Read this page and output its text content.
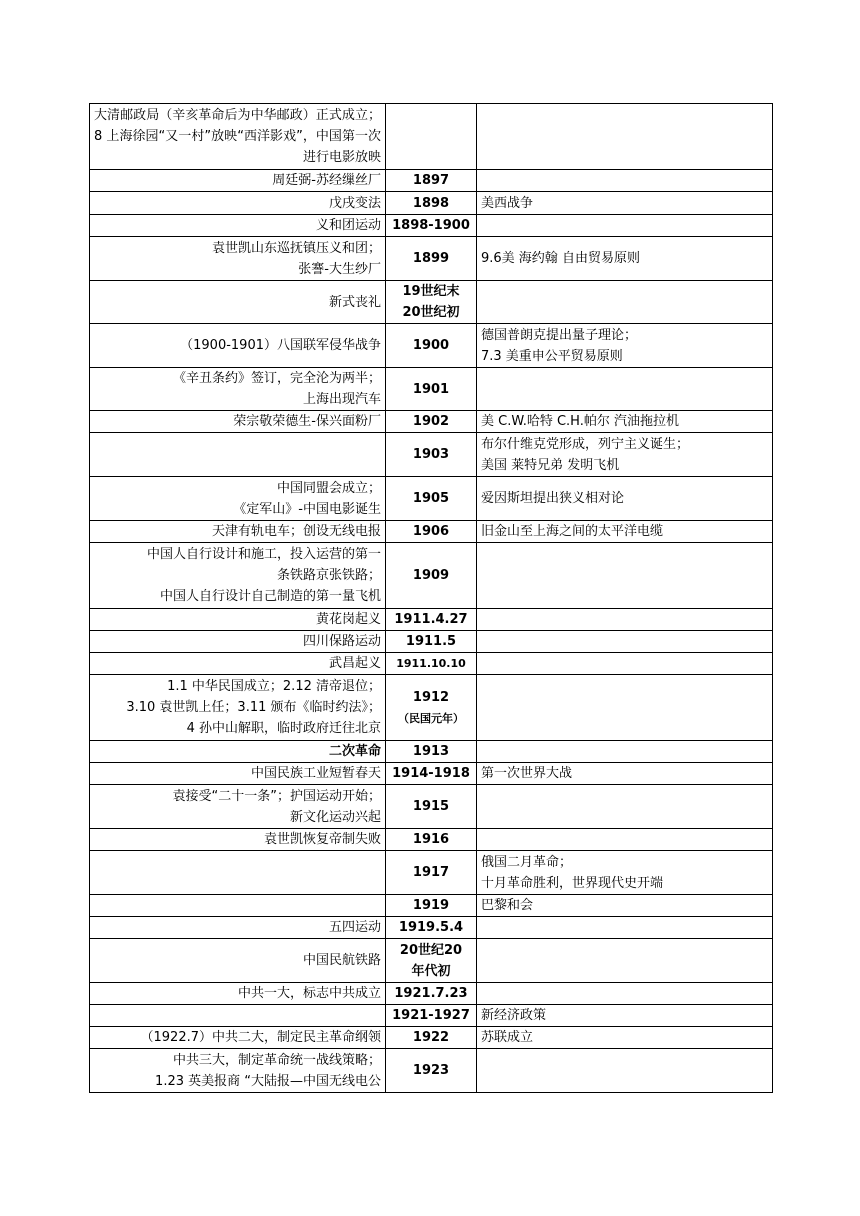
大清邮政局（辛亥革命后为中华邮政）正式成立；8 上海徐园“又一村”放映“西洋影戏”，中国第一次进行电影放映		

周廷弼-苏经缫丝厂	1897	

戊戌变法	1898	美西战争

义和团运动	1898-1900	

袁世凯山东巡抚镇压义和团；
张謇-大生纱厂	1899	9.6美 海约翰 自由贸易原则

新式丧礼	19世纪末
20世纪初	

（1900-1901）八国联军侵华战争	1900	德国普朗克提出量子理论；
7.3 美重申公平贸易原则

《辛丑条约》签订，完全沦为两半；
上海出现汽车	1901	

荣宗敬荣德生-保兴面粉厂	1902	美 C.W.哈特 C.H.帕尔 汽油拖拉机

	1903	布尔什维克党形成，列宁主义诞生；
美国 莱特兄弟 发明飞机

中国同盟会成立；
《定军山》-中国电影诞生	1905	爱因斯坦提出狭义相对论

天津有轨电车；创设无线电报	1906	旧金山至上海之间的太平洋电缆

中国人自行设计和施工，投入运营的第一
条铁路京张铁路；
中国人自行设计自己制造的第一量飞机	1909	

黄花岗起义	1911.4.27	

四川保路运动	1911.5	

武昌起义	1911.10.10	

1.1 中华民国成立；2.12 清帝退位；
3.10 袁世凯上任；3.11 颁布《临时约法》；
4 孙中山解职，临时政府迁往北京	1912
（民国元年）	

二次革命	1913	

中国民族工业短暂春天	1914-1918	第一次世界大战

袁接受“二十一条”；护国运动开始；
新文化运动兴起	1915	

袁世凯恢复帝制失败	1916	

	1917	俄国二月革命；
十月革命胜利，世界现代史开端

	1919	巴黎和会

五四运动	1919.5.4	

中国民航铁路	20世纪20
年代初	

中共一大，标志中共成立	1921.7.23	

	1921-1927	新经济政策

（1922.7）中共二大，制定民主革命纲领	1922	苏联成立

中共三大，制定革命统一战线策略；
1.23 英美报商 “大陆报—中国无线电公	1923	
